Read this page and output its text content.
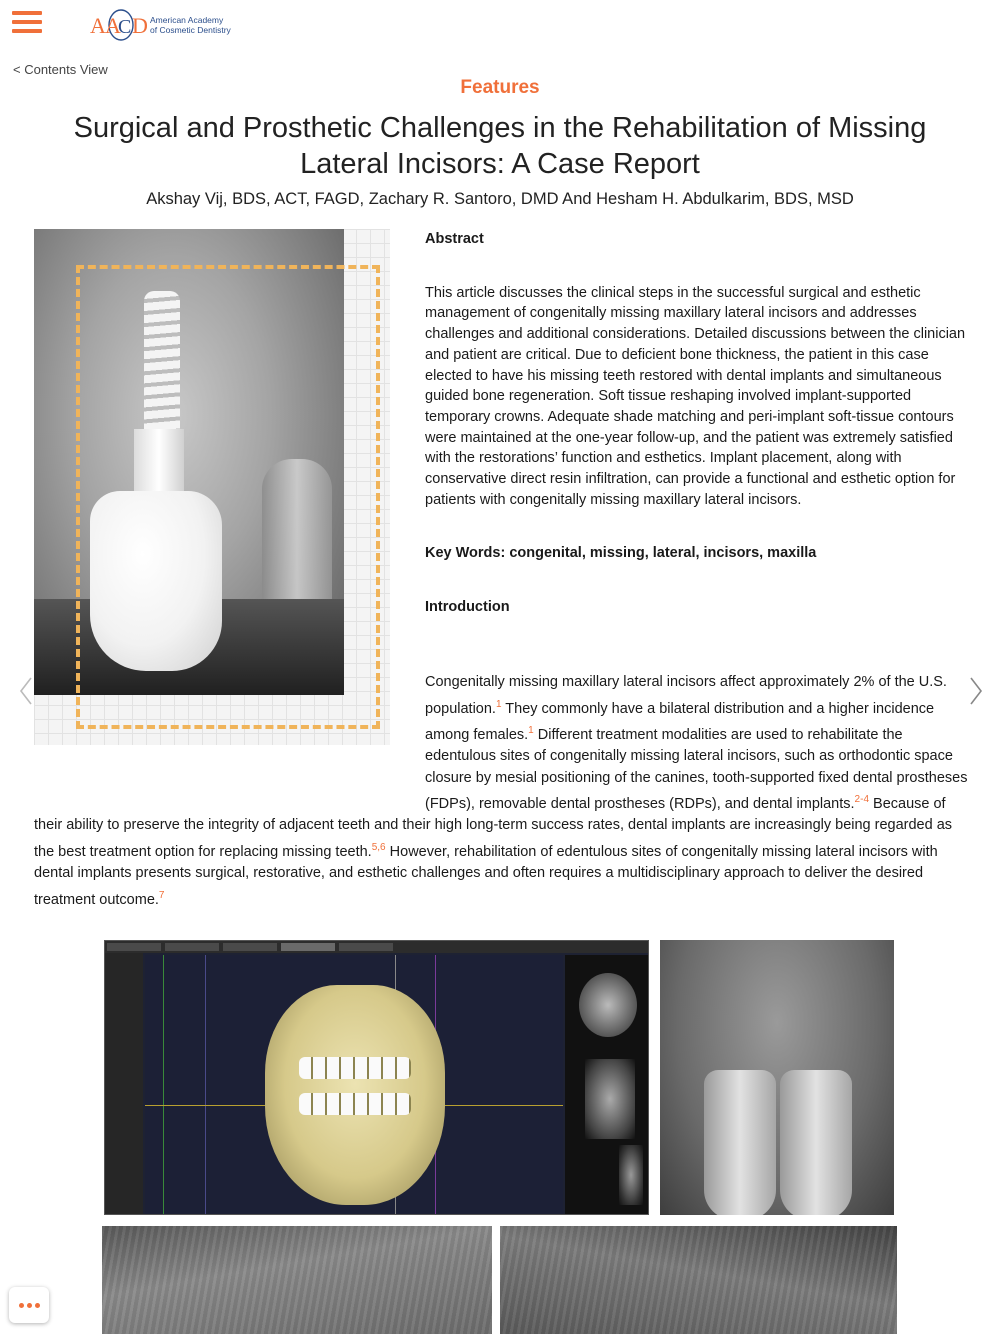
A A
C D American Academy
of Cosmetic Dentistry
< Contents View
Features
Surgical and Prosthetic Challenges in the Rehabilitation of Missing Lateral Incisors: A Case Report
Akshay Vij, BDS, ACT, FAGD, Zachary R. Santoro, DMD And Hesham H. Abdulkarim, BDS, MSD
Abstract

This article discusses the clinical steps in the successful surgical and esthetic management of congenitally missing maxillary lateral incisors and addresses challenges and additional considerations. Detailed discussions between the clinician and patient are critical. Due to deficient bone thickness, the patient in this case elected to have his missing teeth restored with dental implants and simultaneous guided bone regeneration. Soft tissue reshaping involved implant-supported temporary crowns. Adequate shade matching and peri-implant soft-tissue contours were maintained at the one-year follow-up, and the patient was extremely satisfied with the restorations’ function and esthetics. Implant placement, along with conservative direct resin infiltration, can provide a functional and esthetic option for patients with congenitally missing maxillary lateral incisors.

Key Words: congenital, missing, lateral, incisors, maxilla

Introduction
Congenitally missing maxillary lateral incisors affect approximately 2% of the U.S. population.$^1$ They commonly have a bilateral distribution and a higher incidence among females.$^1$ Different treatment modalities are used to rehabilitate the edentulous sites of congenitally missing lateral incisors, such as orthodontic space closure by mesial positioning of the canines, tooth-supported fixed dental prostheses (FDPs), removable dental prostheses (RDPs), and dental implants.$^{2-4}$ Because of their ability to preserve the integrity of adjacent teeth and their high long-term success rates, dental implants are increasingly being regarded as the best treatment option for replacing missing teeth.$^{5,6}$ However, rehabilitation of edentulous sites of congenitally missing lateral incisors with dental implants presents surgical, restorative, and esthetic challenges and often requires a multidisciplinary approach to deliver the desired treatment outcome.$^7$
